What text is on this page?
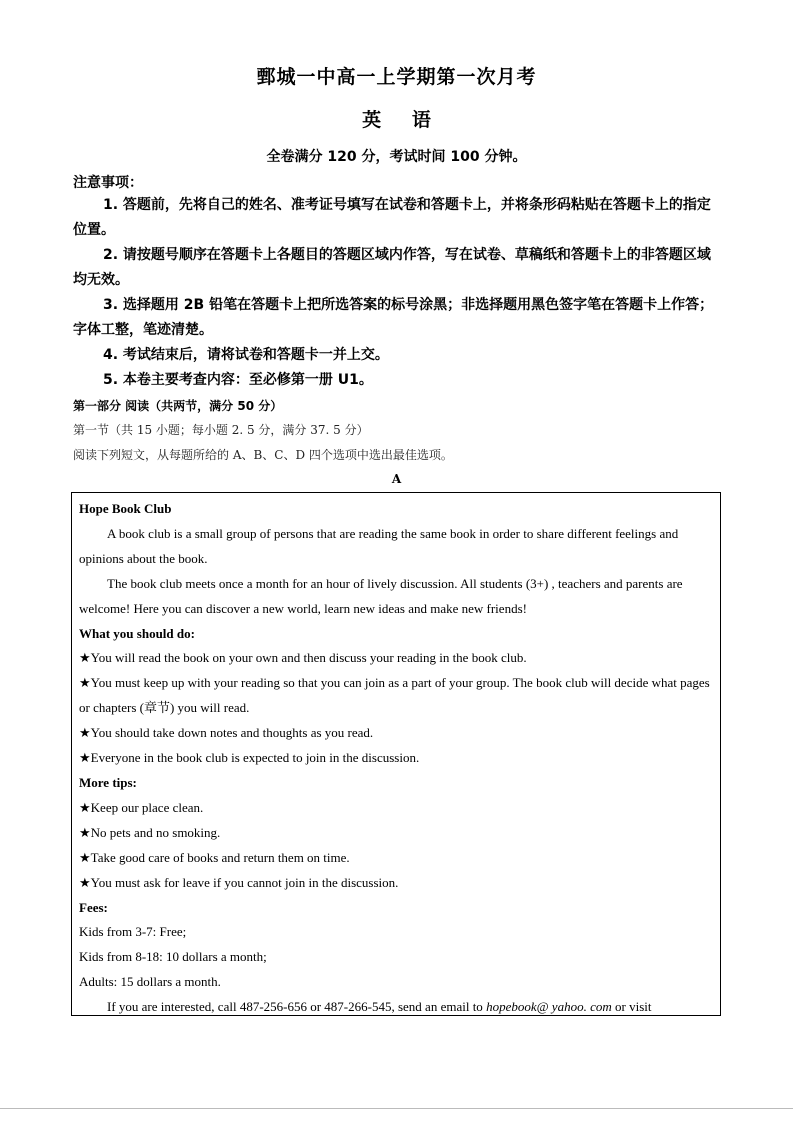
鄄城一中高一上学期第一次月考
英 语
全卷满分 120 分，考试时间 100 分钟。
注意事项：

1. 答题前，先将自己的姓名、准考证号填写在试卷和答题卡上，并将条形码粘贴在答题卡上的指定位置。

2. 请按题号顺序在答题卡上各题目的答题区域内作答，写在试卷、草稿纸和答题卡上的非答题区域均无效。

3. 选择题用 2B 铅笔在答题卡上把所选答案的标号涂黑；非选择题用黑色签字笔在答题卡上作答；字体工整，笔迹清楚。

4. 考试结束后，请将试卷和答题卡一并上交。

5. 本卷主要考查内容：至必修第一册 U1。

第一部分 阅读（共两节，满分 50 分）
第一节（共 15 小题；每小题 2. 5 分，满分 37. 5 分）
阅读下列短文，从每题所给的 A、B、C、D 四个选项中选出最佳选项。
A

Hope Book Club

A book club is a small group of persons that are reading the same book in order to share different feelings and opinions about the book.

The book club meets once a month for an hour of lively discussion. All students (3+) , teachers and parents are welcome! Here you can discover a new world, learn new ideas and make new friends!

What you should do:

★You will read the book on your own and then discuss your reading in the book club.

★You must keep up with your reading so that you can join as a part of your group. The book club will decide what pages or chapters (章节) you will read.

★You should take down notes and thoughts as you read.

★Everyone in the book club is expected to join in the discussion.

More tips:

★Keep our place clean.

★No pets and no smoking.

★Take good care of books and return them on time.

★You must ask for leave if you cannot join in the discussion.

Fees:

Kids from 3-7: Free;

Kids from 8-18: 10 dollars a month;

Adults: 15 dollars a month.

If you are interested, call 487-256-656 or 487-266-545, send an email to hopebook@ yahoo. com or visit
